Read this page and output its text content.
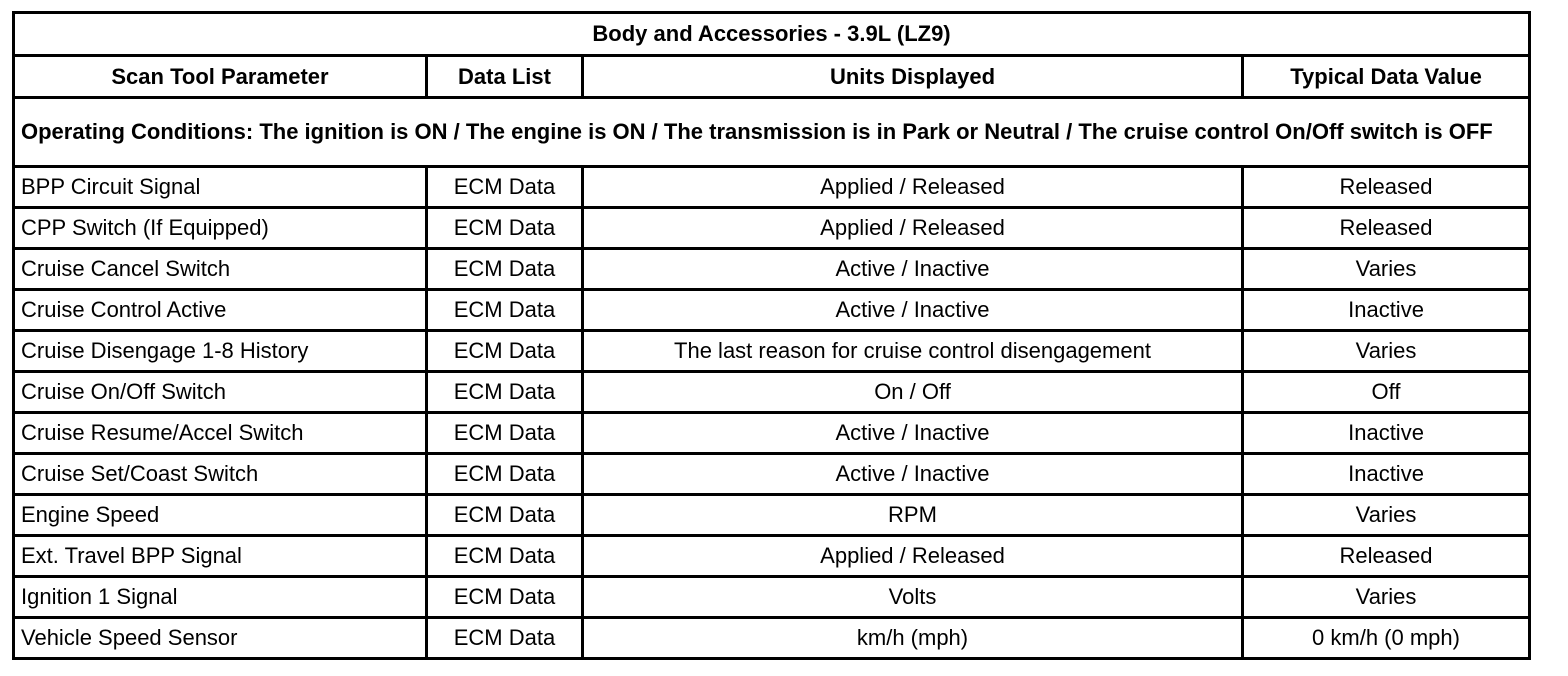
Body and Accessories - 3.9L (LZ9)			
Scan Tool Parameter	Data List	Units Displayed	Typical Data Value
Operating Conditions: The ignition is ON / The engine is ON / The transmission is in Park or Neutral / The cruise control On/Off switch is OFF			
BPP Circuit Signal	ECM Data	Applied / Released	Released
CPP Switch (If Equipped)	ECM Data	Applied / Released	Released
Cruise Cancel Switch	ECM Data	Active / Inactive	Varies
Cruise Control Active	ECM Data	Active / Inactive	Inactive
Cruise Disengage 1-8 History	ECM Data	The last reason for cruise control disengagement	Varies
Cruise On/Off Switch	ECM Data	On / Off	Off
Cruise Resume/Accel Switch	ECM Data	Active / Inactive	Inactive
Cruise Set/Coast Switch	ECM Data	Active / Inactive	Inactive
Engine Speed	ECM Data	RPM	Varies
Ext. Travel BPP Signal	ECM Data	Applied / Released	Released
Ignition 1 Signal	ECM Data	Volts	Varies
Vehicle Speed Sensor	ECM Data	km/h (mph)	0 km/h (0 mph)
